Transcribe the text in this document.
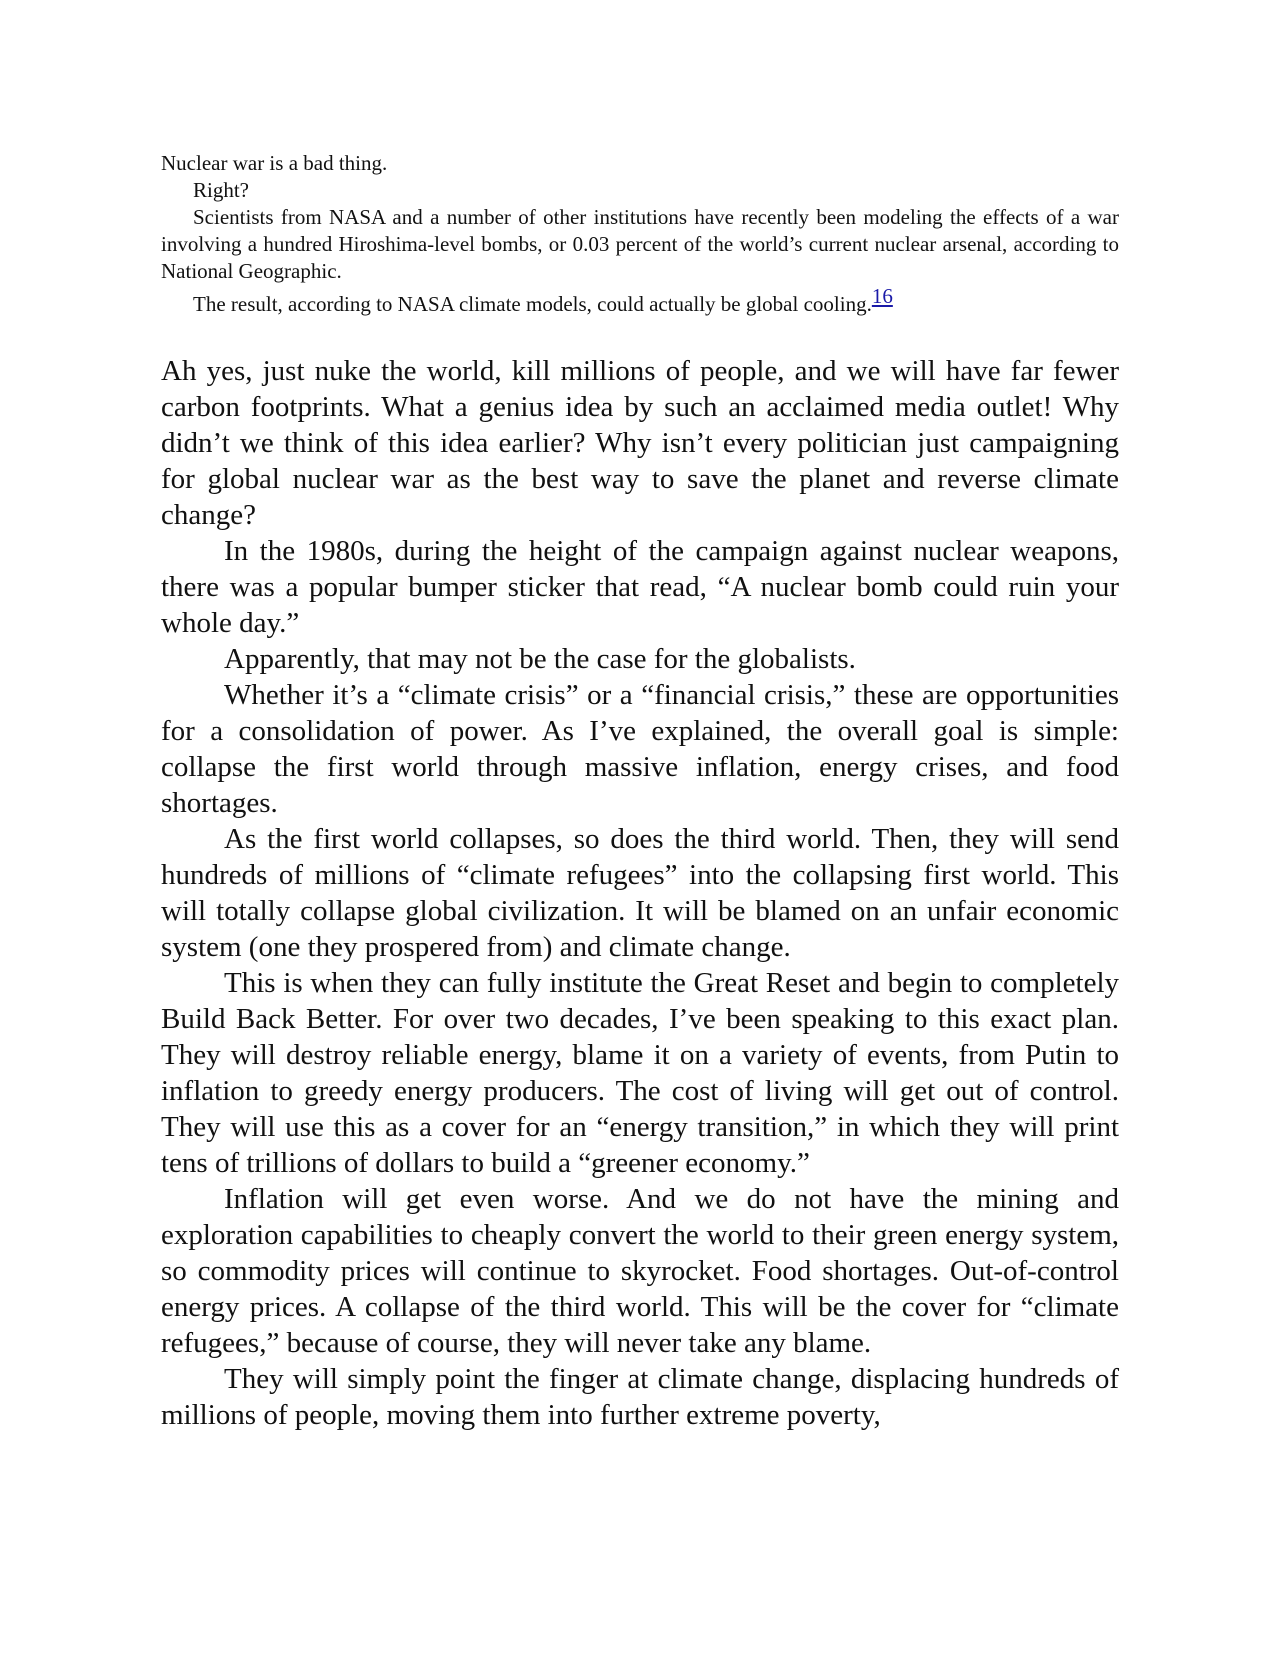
Nuclear war is a bad thing.

Right?

Scientists from NASA and a number of other institutions have recently been modeling the effects of a war involving a hundred Hiroshima-level bombs, or 0.03 percent of the world’s current nuclear arsenal, according to National Geographic.

The result, according to NASA climate models, could actually be global cooling.16

Ah yes, just nuke the world, kill millions of people, and we will have far fewer carbon footprints. What a genius idea by such an acclaimed media outlet! Why didn’t we think of this idea earlier? Why isn’t every politician just campaigning for global nuclear war as the best way to save the planet and reverse climate change?

In the 1980s, during the height of the campaign against nuclear weapons, there was a popular bumper sticker that read, “A nuclear bomb could ruin your whole day.”

Apparently, that may not be the case for the globalists.

Whether it’s a “climate crisis” or a “financial crisis,” these are opportunities for a consolidation of power. As I’ve explained, the overall goal is simple: collapse the first world through massive inflation, energy crises, and food shortages.

As the first world collapses, so does the third world. Then, they will send hundreds of millions of “climate refugees” into the collapsing first world. This will totally collapse global civilization. It will be blamed on an unfair economic system (one they prospered from) and climate change.

This is when they can fully institute the Great Reset and begin to completely Build Back Better. For over two decades, I’ve been speaking to this exact plan. They will destroy reliable energy, blame it on a variety of events, from Putin to inflation to greedy energy producers. The cost of living will get out of control. They will use this as a cover for an “energy transition,” in which they will print tens of trillions of dollars to build a “greener economy.”

Inflation will get even worse. And we do not have the mining and exploration capabilities to cheaply convert the world to their green energy system, so commodity prices will continue to skyrocket. Food shortages. Out-of-control energy prices. A collapse of the third world. This will be the cover for “climate refugees,” because of course, they will never take any blame.

They will simply point the finger at climate change, displacing hundreds of millions of people, moving them into further extreme poverty,
